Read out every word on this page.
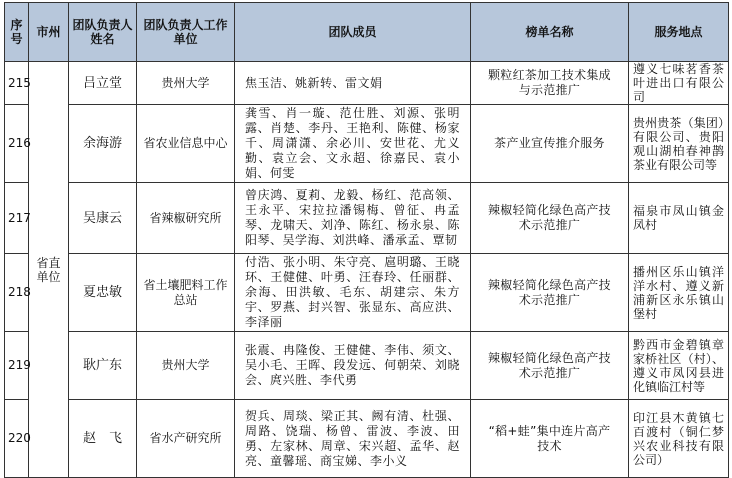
序号	市州	团队负责人姓名	团队负责人工作单位	团队成员	榜单名称	服务地点
215	省直单位	吕立堂	贵州大学	焦玉洁、姚新转、雷文娟	颗粒红茶加工技术集成与示范推广	遵义七味茗香茶叶进出口有限公司
216		余海游	省农业信息中心	龚雪、肖一璇、范仕胜、刘源、张明露、肖楚、李丹、王艳利、陈健、杨家千、周潇潇、余必川、安世花、尤义勤、袁立会、文永超、徐嘉民、袁小娟、何雯	茶产业宣传推介服务	贵州贵茶（集团）有限公司、贵阳观山湖柏春神鹊茶业有限公司等
217		吴康云	省辣椒研究所	曾庆鸿、夏莉、龙毅、杨红、范高领、王永平、宋拉拉潘锡梅、曾征、冉孟琴、龙啸天、刘净、陈红、杨永泉、陈阳琴、吴学海、刘洪峰、潘承孟、覃韧	辣椒轻简化绿色高产技术示范推广	福泉市凤山镇金凤村
218		夏忠敏	省土壤肥料工作总站	付浩、张小明、朱守亮、扈明璐、王晓环、王健健、叶勇、汪春玲、任丽群、余海、田洪敏、毛东、胡建宗、朱方宇、罗燕、封兴智、张显东、高应洪、李泽丽	辣椒轻简化绿色高产技术示范推广	播州区乐山镇洋洋水村、遵义新浦新区永乐镇山堡村
219		耿广东	贵州大学	张震、冉隆俊、王健健、李伟、须文、吴小毛、王晖、段发远、何朝荣、刘晓会、庹兴胜、李代勇	辣椒轻简化绿色高产技术示范推广	黔西市金碧镇章家桥社区（村）、遵义市凤冈县进化镇临江村等
220		赵　飞	省水产研究所	贺兵、周琰、梁正其、阙有清、杜强、周路、饶瑞、杨曾、雷波、李波、田勇、左家林、周章、宋兴超、孟华、赵亮、童馨瑶、商宝娣、李小义	“稻+蛙”集中连片高产技术	印江县木黄镇七百渡村（铜仁梦兴农业科技有限公司）
